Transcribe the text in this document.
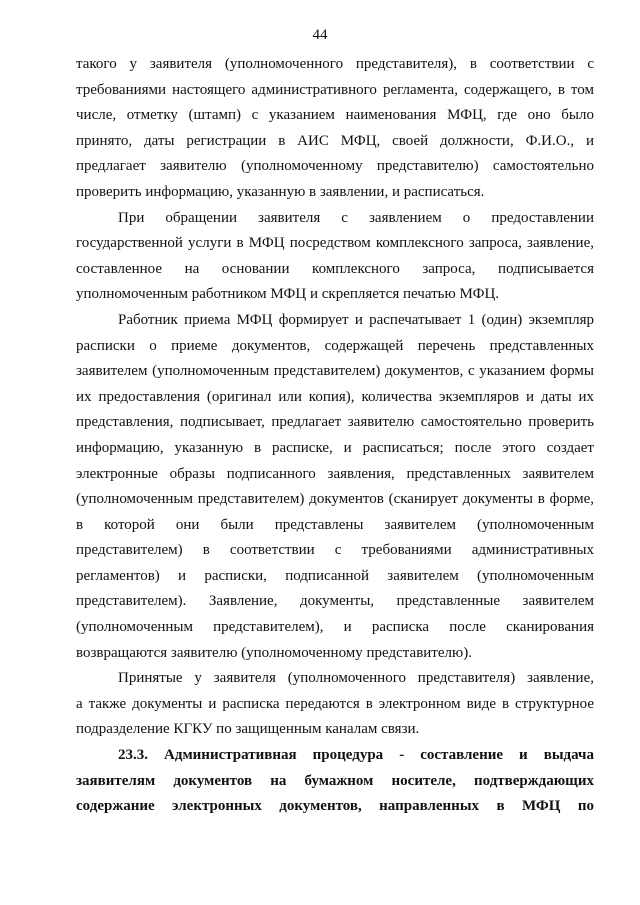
44

такого у заявителя (уполномоченного представителя), в соответствии с
требованиями настоящего административного регламента, содержащего, в том
числе, отметку (штамп) с указанием наименования МФЦ, где оно было
принято, даты регистрации в АИС МФЦ, своей должности, Ф.И.О., и
предлагает заявителю (уполномоченному представителю) самостоятельно
проверить информацию, указанную в заявлении, и расписаться.

При обращении заявителя с заявлением о предоставлении
государственной услуги в МФЦ посредством комплексного запроса, заявление,
составленное на основании комплексного запроса, подписывается
уполномоченным работником МФЦ и скрепляется печатью МФЦ.

Работник приема МФЦ формирует и распечатывает 1 (один) экземпляр
расписки о приеме документов, содержащей перечень представленных
заявителем (уполномоченным представителем) документов, с указанием формы
их предоставления (оригинал или копия), количества экземпляров и даты их
представления, подписывает, предлагает заявителю самостоятельно проверить
информацию, указанную в расписке, и расписаться; после этого создает
электронные образы подписанного заявления, представленных заявителем
(уполномоченным представителем) документов (сканирует документы в форме,
в которой они были представлены заявителем (уполномоченным
представителем) в соответствии с требованиями административных
регламентов) и расписки, подписанной заявителем (уполномоченным
представителем). Заявление, документы, представленные заявителем
(уполномоченным представителем), и расписка после сканирования
возвращаются заявителю (уполномоченному представителю).

Принятые у заявителя (уполномоченного представителя) заявление,
а также документы и расписка передаются в электронном виде в структурное
подразделение КГКУ по защищенным каналам связи.

23.3. Административная процедура - составление и выдача
заявителям документов на бумажном носителе, подтверждающих
содержание электронных документов, направленных в МФЦ по
